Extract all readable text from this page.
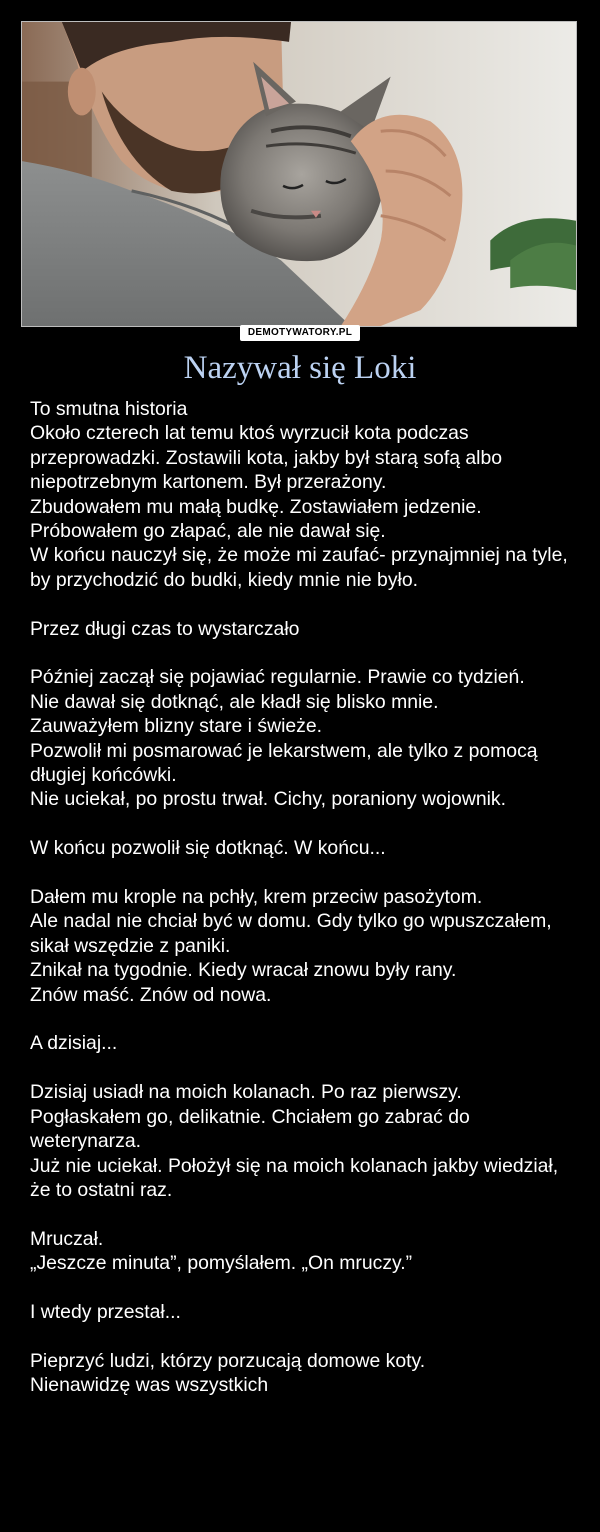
DEMOTYWATORY.PL
Nazywał się Loki

To smutna historia
Około czterech lat temu ktoś wyrzucił kota podczas przeprowadzki. Zostawili kota, jakby był starą sofą albo niepotrzebnym kartonem. Był przerażony.
Zbudowałem mu małą budkę. Zostawiałem jedzenie.
Próbowałem go złapać, ale nie dawał się.
W końcu nauczył się, że może mi zaufać- przynajmniej na tyle, by przychodzić do budki, kiedy mnie nie było.

Przez długi czas to wystarczało

Później zaczął się pojawiać regularnie. Prawie co tydzień.
Nie dawał się dotknąć, ale kładł się blisko mnie.
Zauważyłem blizny stare i świeże.
Pozwolił mi posmarować je lekarstwem, ale tylko z pomocą długiej końcówki.
Nie uciekał, po prostu trwał. Cichy, poraniony wojownik.

W końcu pozwolił się dotknąć. W końcu...

Dałem mu krople na pchły, krem przeciw pasożytom.
Ale nadal nie chciał być w domu. Gdy tylko go wpuszczałem, sikał wszędzie z paniki.
Znikał na tygodnie. Kiedy wracał znowu były rany.
Znów maść. Znów od nowa.

A dzisiaj...

Dzisiaj usiadł na moich kolanach. Po raz pierwszy.
Pogłaskałem go, delikatnie. Chciałem go zabrać do weterynarza.
Już nie uciekał. Położył się na moich kolanach jakby wiedział, że to ostatni raz.

Mruczał.
„Jeszcze minuta”, pomyślałem. „On mruczy.”

I wtedy przestał...

Pieprzyć ludzi, którzy porzucają domowe koty.
Nienawidzę was wszystkich
